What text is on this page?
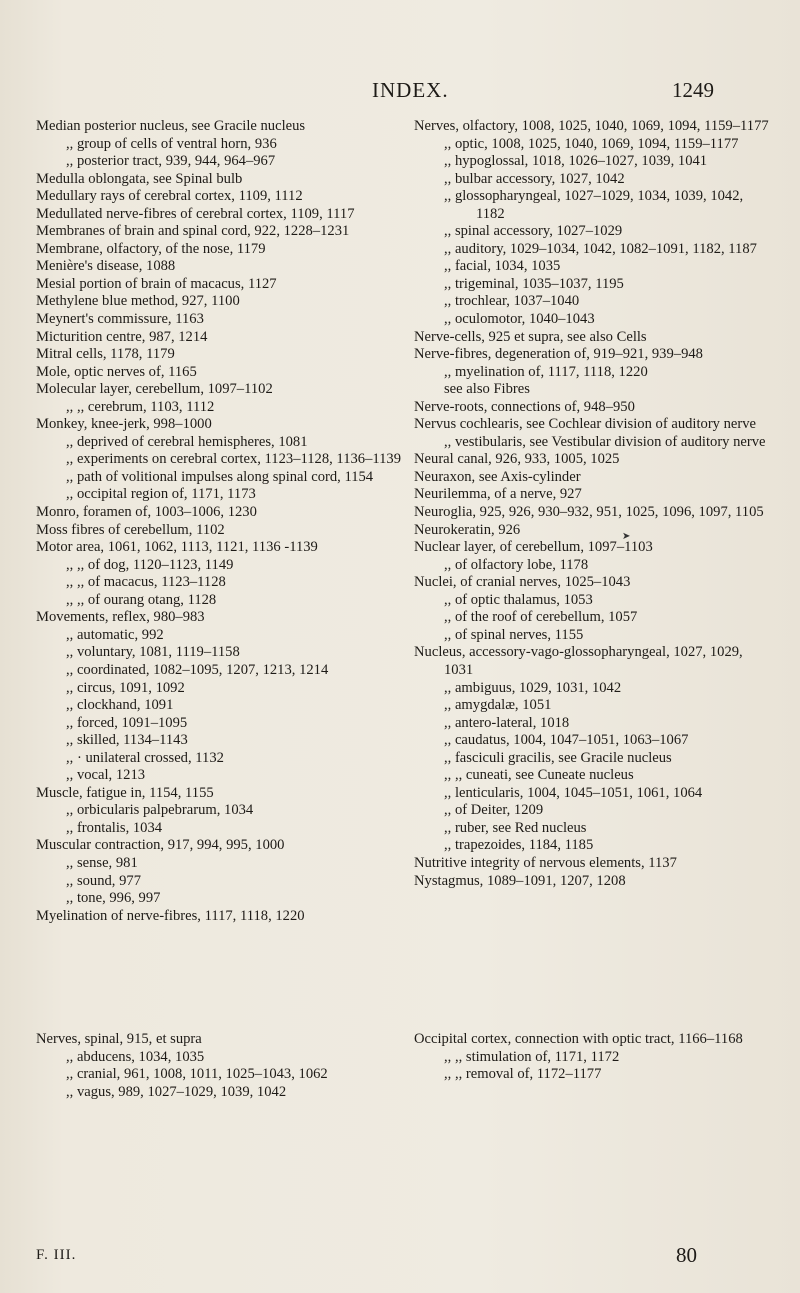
INDEX.	1249
Median posterior nucleus, see Gracile nucleus
,, group of cells of ventral horn, 936
,, posterior tract, 939, 944, 964–967
Medulla oblongata, see Spinal bulb
Medullary rays of cerebral cortex, 1109, 1112
Medullated nerve-fibres of cerebral cortex, 1109, 1117
Membranes of brain and spinal cord, 922, 1228–1231
Membrane, olfactory, of the nose, 1179
Menière's disease, 1088
Mesial portion of brain of macacus, 1127
Methylene blue method, 927, 1100
Meynert's commissure, 1163
Micturition centre, 987, 1214
Mitral cells, 1178, 1179
Mole, optic nerves of, 1165
Molecular layer, cerebellum, 1097–1102
,, ,, cerebrum, 1103, 1112
Monkey, knee-jerk, 998–1000
,, deprived of cerebral hemispheres, 1081
,, experiments on cerebral cortex, 1123–1128, 1136–1139
,, path of volitional impulses along spinal cord, 1154
,, occipital region of, 1171, 1173
Monro, foramen of, 1003–1006, 1230
Moss fibres of cerebellum, 1102
Motor area, 1061, 1062, 1113, 1121, 1136 -1139
,, ,, of dog, 1120–1123, 1149
,, ,, of macacus, 1123–1128
,, ,, of ourang otang, 1128
Movements, reflex, 980–983
,, automatic, 992
,, voluntary, 1081, 1119–1158
,, coordinated, 1082–1095, 1207, 1213, 1214
,, circus, 1091, 1092
,, clockhand, 1091
,, forced, 1091–1095
,, skilled, 1134–1143
,, · unilateral crossed, 1132
,, vocal, 1213
Muscle, fatigue in, 1154, 1155
,, orbicularis palpebrarum, 1034
,, frontalis, 1034
Muscular contraction, 917, 994, 995, 1000
,, sense, 981
,, sound, 977
,, tone, 996, 997
Myelination of nerve-fibres, 1117, 1118, 1220
Nerves, olfactory, 1008, 1025, 1040, 1069, 1094, 1159–1177
,, optic, 1008, 1025, 1040, 1069, 1094, 1159–1177
,, hypoglossal, 1018, 1026–1027, 1039, 1041
,, bulbar accessory, 1027, 1042
,, glossopharyngeal, 1027–1029, 1034, 1039, 1042, 1182
,, spinal accessory, 1027–1029
,, auditory, 1029–1034, 1042, 1082–1091, 1182, 1187
,, facial, 1034, 1035
,, trigeminal, 1035–1037, 1195
,, trochlear, 1037–1040
,, oculomotor, 1040–1043
Nerve-cells, 925 et supra, see also Cells
Nerve-fibres, degeneration of, 919–921, 939–948
,, myelination of, 1117, 1118, 1220
see also Fibres
Nerve-roots, connections of, 948–950
Nervus cochlearis, see Cochlear division of auditory nerve
,, vestibularis, see Vestibular division of auditory nerve
Neural canal, 926, 933, 1005, 1025
Neuraxon, see Axis-cylinder
Neurilemma, of a nerve, 927
Neuroglia, 925, 926, 930–932, 951, 1025, 1096, 1097, 1105
Neurokeratin, 926
Nuclear layer, of cerebellum, 1097–1103
,, of olfactory lobe, 1178
Nuclei, of cranial nerves, 1025–1043
,, of optic thalamus, 1053
,, of the roof of cerebellum, 1057
,, of spinal nerves, 1155
Nucleus, accessory-vago-glossopharyngeal, 1027, 1029, 1031
,, ambiguus, 1029, 1031, 1042
,, amygdalæ, 1051
,, antero-lateral, 1018
,, caudatus, 1004, 1047–1051, 1063–1067
,, fasciculi gracilis, see Gracile nucleus
,, ,, cuneati, see Cuneate nucleus
,, lenticularis, 1004, 1045–1051, 1061, 1064
,, of Deiter, 1209
,, ruber, see Red nucleus
,, trapezoides, 1184, 1185
Nutritive integrity of nervous elements, 1137
Nystagmus, 1089–1091, 1207, 1208
Nerves, spinal, 915, et supra
,, abducens, 1034, 1035
,, cranial, 961, 1008, 1011, 1025–1043, 1062
,, vagus, 989, 1027–1029, 1039, 1042
Occipital cortex, connection with optic tract, 1166–1168
,, ,, stimulation of, 1171, 1172
,, ,, removal of, 1172–1177
➤
F. III.	80
